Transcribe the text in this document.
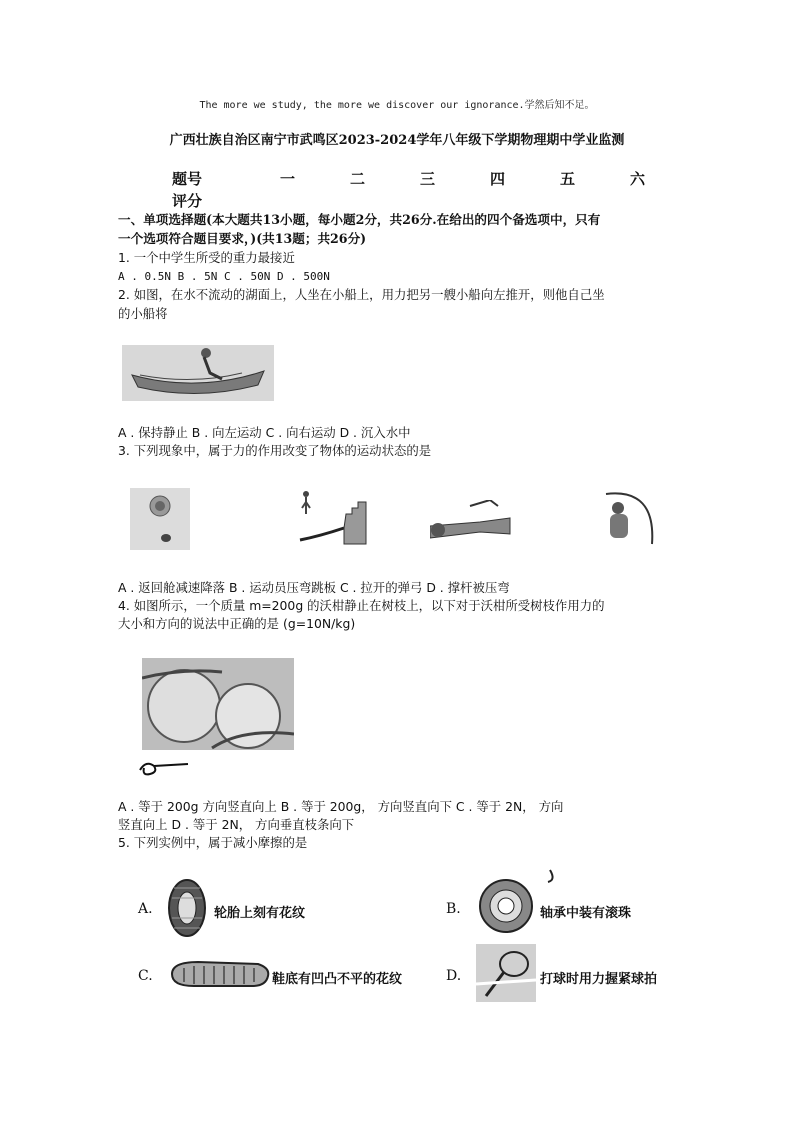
The more we study, the more we discover our ignorance.学然后知不足。
广西壮族自治区南宁市武鸣区2023-2024学年八年级下学期物理期中学业监测
题号	一	二	三	四	五	六
评分
一、单项选择题(本大题共13小题，每小题2分，共26分.在给出的四个备选项中，只有
一个选项符合题目要求，)(共13题；共26分)
1. 一个中学生所受的重力最接近
A . 0.5N B . 5N C . 50N D . 500N
2. 如图，在水不流动的湖面上，人坐在小船上，用力把另一艘小船向左推开，则他自己坐
的小船将
A . 保持静止 B . 向左运动 C . 向右运动 D . 沉入水中
3. 下列现象中，属于力的作用改变了物体的运动状态的是
A . 返回舱减速降落 B . 运动员压弯跳板 C . 拉开的弹弓 D . 撑杆被压弯
4. 如图所示，一个质量 m=200g 的沃柑静止在树枝上，以下对于沃柑所受树枝作用力的
大小和方向的说法中正确的是 (g=10N/kg)
A . 等于 200g 方向竖直向上 B . 等于 200g， 方向竖直向下 C . 等于 2N， 方向
竖直向上 D . 等于 2N， 方向垂直枝条向下
5. 下列实例中，属于减小摩擦的是
A.	轮胎上刻有花纹	B.	轴承中装有滚珠
C.	鞋底有凹凸不平的花纹	D.	打球时用力握紧球拍
